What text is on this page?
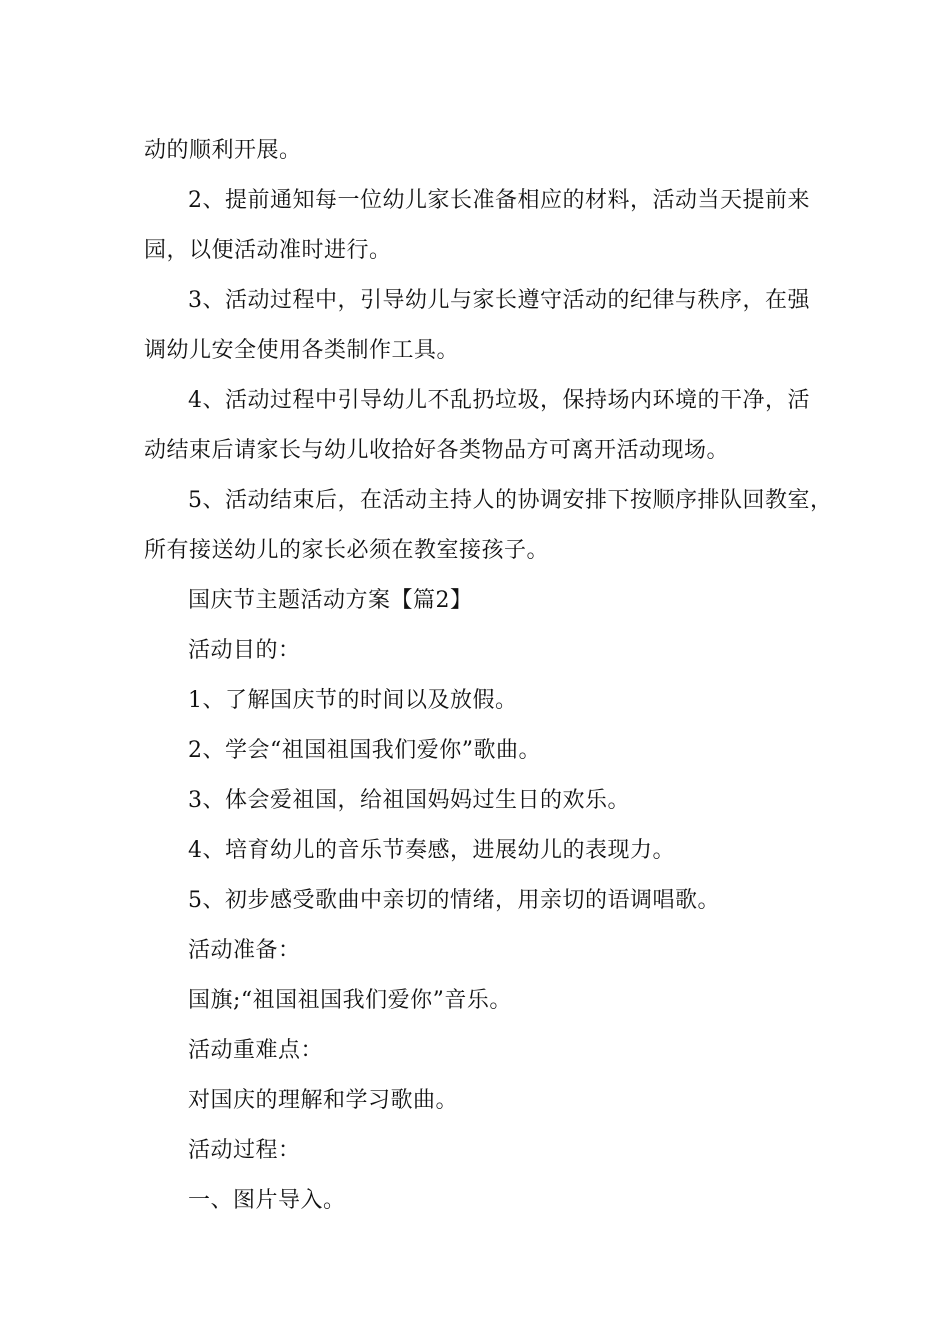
动的顺利开展。
2、提前通知每一位幼儿家长准备相应的材料，活动当天提前来
园，以便活动准时进行。
3、活动过程中，引导幼儿与家长遵守活动的纪律与秩序，在强
调幼儿安全使用各类制作工具。
4、活动过程中引导幼儿不乱扔垃圾，保持场内环境的干净，活
动结束后请家长与幼儿收拾好各类物品方可离开活动现场。
5、活动结束后，在活动主持人的协调安排下按顺序排队回教室，
所有接送幼儿的家长必须在教室接孩子。
国庆节主题活动方案【篇2】
活动目的：
1、了解国庆节的时间以及放假。
2、学会“祖国祖国我们爱你”歌曲。
3、体会爱祖国，给祖国妈妈过生日的欢乐。
4、培育幼儿的音乐节奏感，进展幼儿的表现力。
5、初步感受歌曲中亲切的情绪，用亲切的语调唱歌。
活动准备：
国旗;“祖国祖国我们爱你”音乐。
活动重难点：
对国庆的理解和学习歌曲。
活动过程：
一、图片导入。
